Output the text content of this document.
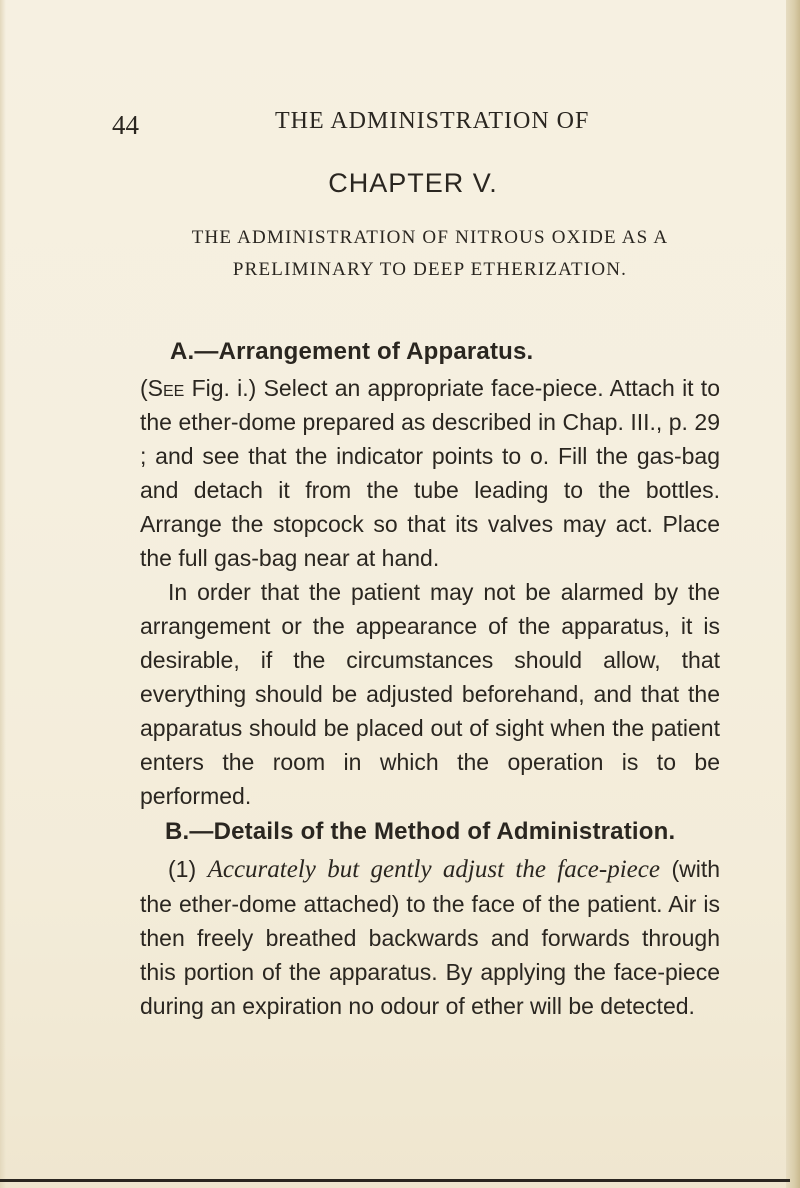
44	THE ADMINISTRATION OF
CHAPTER V.
THE ADMINISTRATION OF NITROUS OXIDE AS A PRELIMINARY TO DEEP ETHERIZATION.
A.—Arrangement of Apparatus.

(See Fig. i.) Select an appropriate face-piece. Attach it to the ether-dome prepared as described in Chap. III., p. 29 ; and see that the indicator points to o. Fill the gas-bag and detach it from the tube leading to the bottles. Arrange the stopcock so that its valves may act. Place the full gas-bag near at hand.

In order that the patient may not be alarmed by the arrangement or the appearance of the apparatus, it is desirable, if the circumstances should allow, that everything should be adjusted beforehand, and that the apparatus should be placed out of sight when the patient enters the room in which the operation is to be performed.

B.—Details of the Method of Administration.

(1) Accurately but gently adjust the face-piece (with the ether-dome attached) to the face of the patient. Air is then freely breathed backwards and forwards through this portion of the apparatus. By applying the face-piece during an expiration no odour of ether will be detected.
